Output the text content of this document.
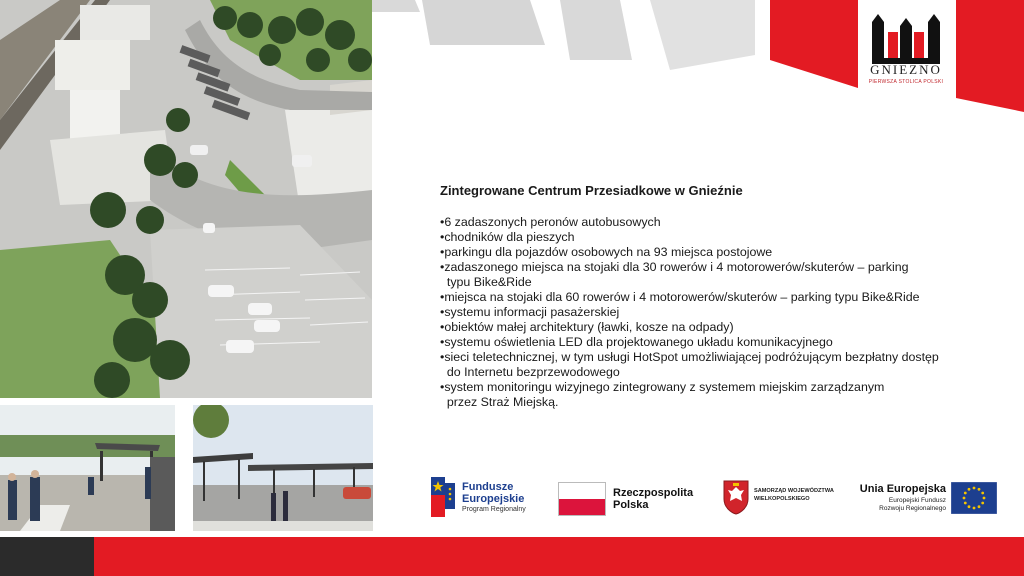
GNIEZNO
PIERWSZA STOLICA POLSKI
Zintegrowane Centrum Przesiadkowe w Gnieźnie
•6 zadaszonych peronów autobusowych
•chodników dla pieszych
•parkingu dla pojazdów osobowych na 93 miejsca postojowe
•zadaszonego miejsca na stojaki dla 30 rowerów i 4 motorowerów/skuterów – parking
typu Bike&Ride
•miejsca na stojaki dla 60 rowerów i 4 motorowerów/skuterów – parking typu Bike&Ride
•systemu informacji pasażerskiej
•obiektów małej architektury (ławki, kosze na odpady)
•systemu oświetlenia LED dla projektowanego układu komunikacyjnego
•sieci teletechnicznej, w tym usługi HotSpot umożliwiającej podróżującym bezpłatny dostęp
do Internetu bezprzewodowego
•system monitoringu wizyjnego zintegrowany z systemem miejskim zarządzanym
przez Straż Miejską.
Fundusze
Europejskie
Program Regionalny
Rzeczpospolita
Polska
SAMORZĄD WOJEWÓDZTWA
WIELKOPOLSKIEGO
Unia Europejska
Europejski Fundusz
Rozwoju Regionalnego
